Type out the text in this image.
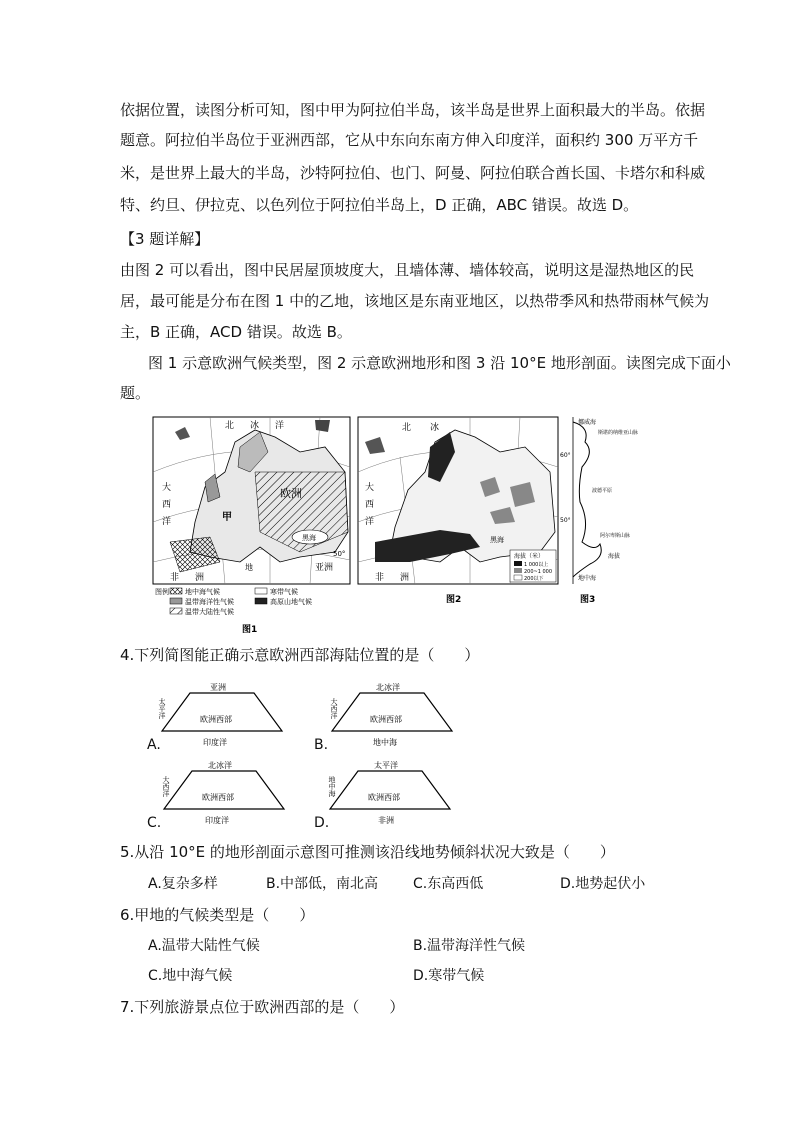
依据位置，读图分析可知，图中甲为阿拉伯半岛，该半岛是世界上面积最大的半岛。依据
题意。阿拉伯半岛位于亚洲西部，它从中东向东南方伸入印度洋，面积约 300 万平方千
米，是世界上最大的半岛，沙特阿拉伯、也门、阿曼、阿拉伯联合酋长国、卡塔尔和科威
特、约旦、伊拉克、以色列位于阿拉伯半岛上，D 正确，ABC 错误。故选 D。
【3 题详解】
由图 2 可以看出，图中民居屋顶坡度大，且墙体薄、墙体较高，说明这是湿热地区的民
居，最可能是分布在图 1 中的乙地，该地区是东南亚地区，以热带季风和热带雨林气候为
主，B 正确，ACD 错误。故选 B。
图 1 示意欧洲气候类型，图 2 示意欧洲地形和图 3 沿 10°E 地形剖面。读图完成下面小
题。
北 冰 洋
大
西
洋
欧洲
甲
非 洲
亚洲
黑海
地
50°
图例 地中海气候
温带海洋性气候
温带大陆性气候
寒带气候
高原山地气候
图1
北 冰
大
西
洋
非 洲
黑海
海拔（米）
1 000以上
200~1 000
200以下
图2
挪威海
斯堪的纳维亚山脉
60°
波德平原
50°
阿尔卑斯山脉
海拔
地中海
图3
4.下列简图能正确示意欧洲西部海陆位置的是（　　）
A.
亚洲
欧洲西部
印度洋
太平洋
B.
北冰洋
欧洲西部
地中海
大西洋
C.
北冰洋
欧洲西部
印度洋
大西洋
D.
太平洋
欧洲西部
非洲
地中海
5.从沿 10°E 的地形剖面示意图可推测该沿线地势倾斜状况大致是（　　）
A.复杂多样	B.中部低，南北高 C.东高西低	D.地势起伏小
6.甲地的气候类型是（　　）
A.温带大陆性气候	B.温带海洋性气候
C.地中海气候	D.寒带气候
7.下列旅游景点位于欧洲西部的是（　　）
